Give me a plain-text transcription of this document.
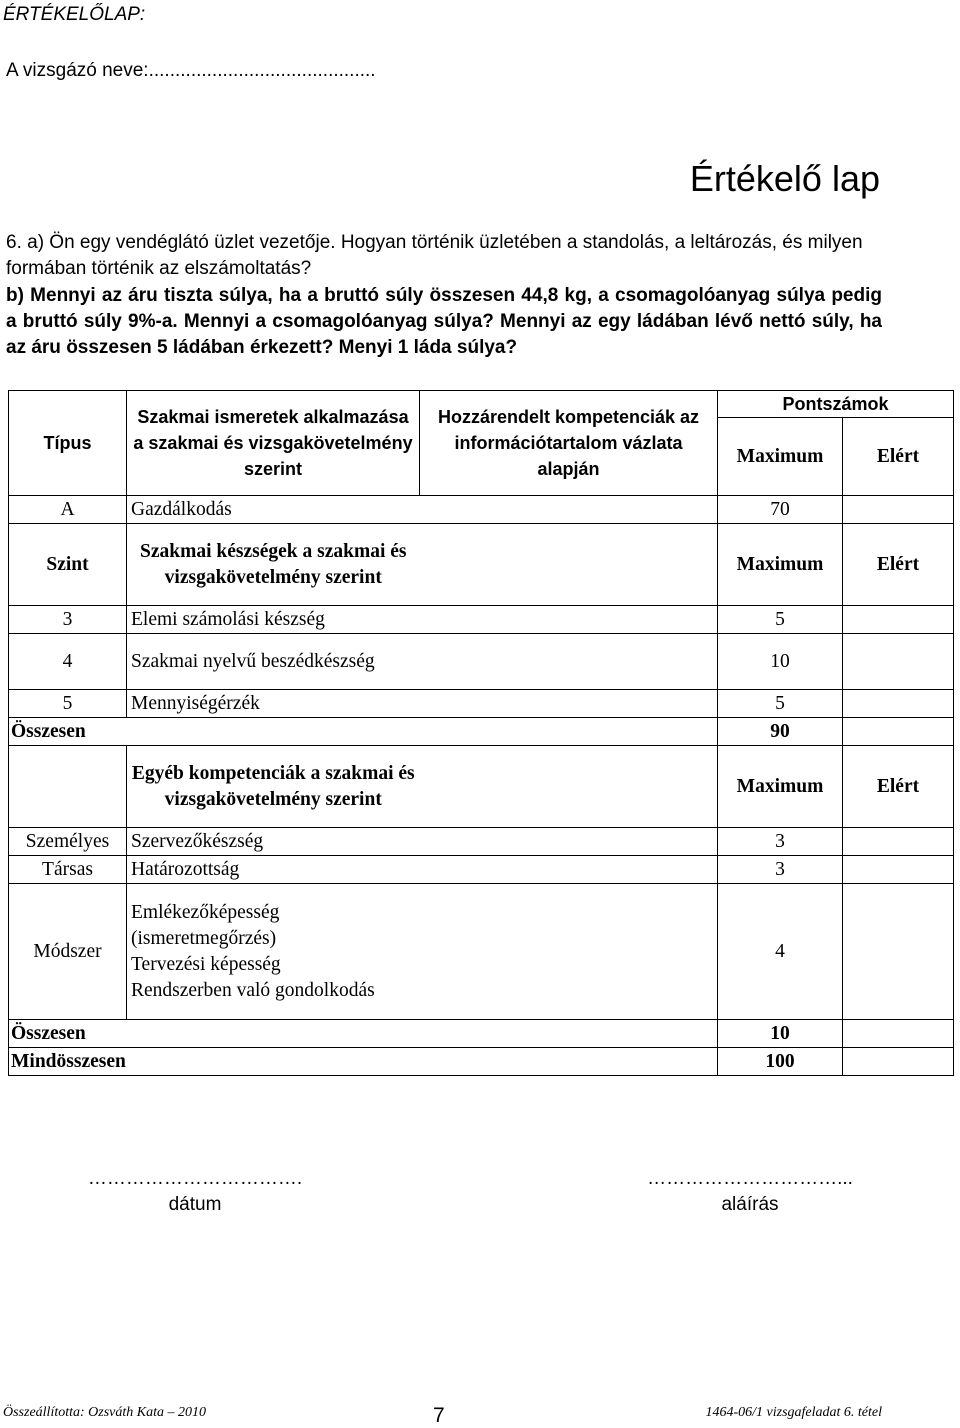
ÉRTÉKELŐLAP:
A vizsgázó neve:...........................................
Értékelő lap
6. a) Ön egy vendéglátó üzlet vezetője. Hogyan történik üzletében a standolás, a leltározás, és milyen formában történik az elszámoltatás?
b) Mennyi az áru tiszta súlya, ha a bruttó súly összesen 44,8 kg, a csomagolóanyag súlya pedig a bruttó súly 9%-a. Mennyi a csomagolóanyag súlya? Mennyi az egy ládában lévő nettó súly, ha az áru összesen 5 ládában érkezett? Menyi 1 láda súlya?
Típus	Szakmai ismeretek alkalmazása a szakmai és vizsgakövetelmény szerint	Hozzárendelt kompetenciák az információtartalom vázlata alapján	Pontszámok	
			Maximum	Elért
A	Gazdálkodás		70	
Szint	Szakmai készségek a szakmai és vizsgakövetelmény szerint		Maximum	Elért
3	Elemi számolási készség		5	
4	Szakmai nyelvű beszédkészség		10	
5	Mennyiségérzék		5	
Összesen			90	
	Egyéb kompetenciák a szakmai és vizsgakövetelmény szerint		Maximum	Elért
Személyes	Szervezőkészség		3	
Társas	Határozottság		3	
Módszer	Emlékezőképesség (ismeretmegőrzés)
Tervezési képesség
Rendszerben való gondolkodás		4	
Összesen			10	
Mindösszesen			100	
…………………………….
dátum
…………………………...
aláírás
Összeállította: Ozsváth Kata – 2010	7	1464-06/1 vizsgafeladat 6. tétel
